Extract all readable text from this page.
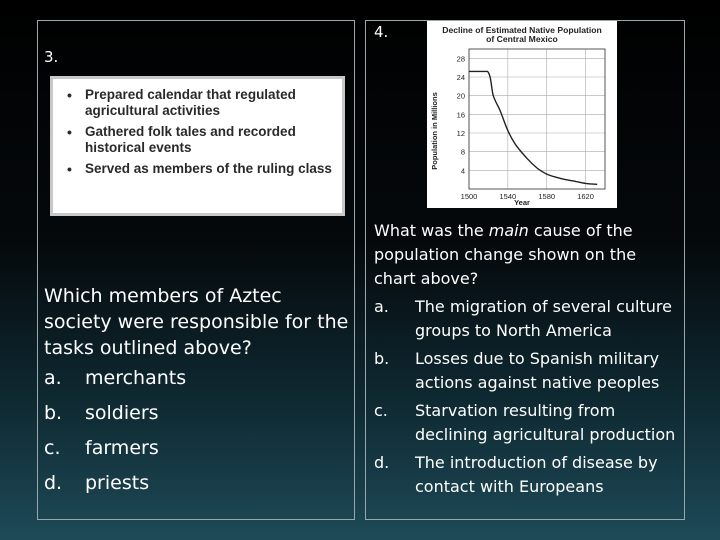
3.
• Prepared calendar that regulated agricultural activities
• Gathered folk tales and recorded historical events
• Served as members of the ruling class
Which members of Aztec society were responsible for the tasks outlined above?
a. merchants
b. soldiers
c. farmers
d. priests
4.	Decline of Estimated Native Population
of Central Mexico
28
24
20
16
12
8
4
1500	1540	1580	1620
Population in Millions
Year
What was the main cause of the population change shown on the chart above?
a. The migration of several culture groups to North America
b. Losses due to Spanish military actions against native peoples
c. Starvation resulting from declining agricultural production
d. The introduction of disease by contact with Europeans
